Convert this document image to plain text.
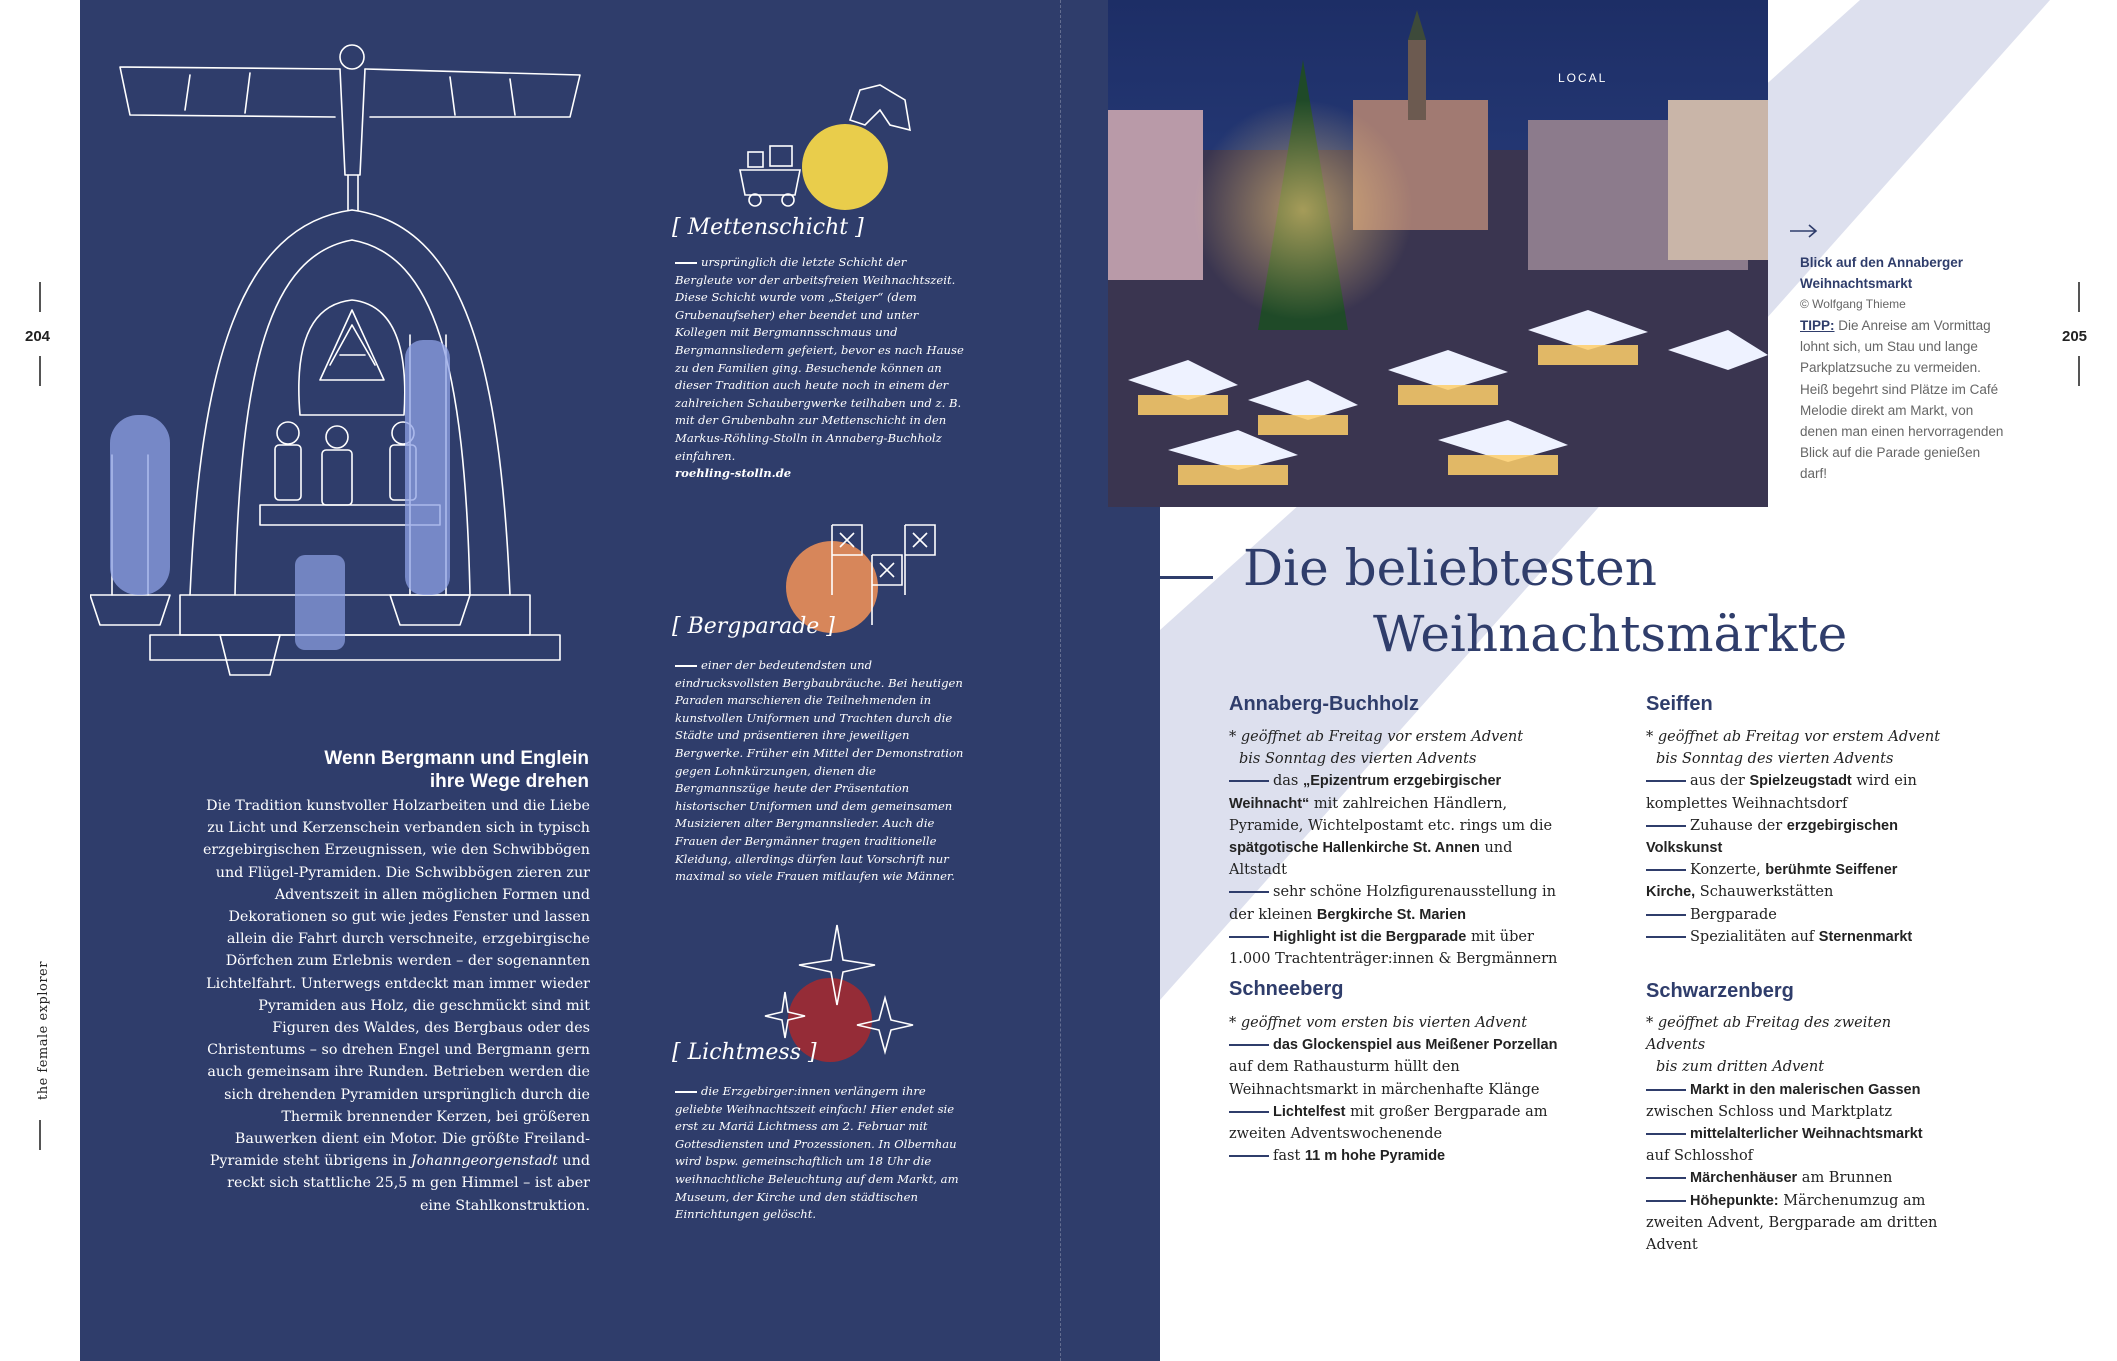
204
the female explorer
205
Wenn Bergmann und Englein
ihre Wege drehen
Die Tradition kunstvoller Holzarbeiten und die Liebe zu Licht und Kerzenschein verbanden sich in typisch erzgebirgischen Erzeugnissen, wie den Schwibbögen und Flügel-Pyramiden. Die Schwibbögen zieren zur Adventszeit in allen möglichen Formen und Dekorationen so gut wie jedes Fenster und lassen allein die Fahrt durch verschneite, erzgebirgische Dörfchen zum Erlebnis werden – der sogenannten Lichtelfahrt. Unterwegs entdeckt man immer wieder Pyramiden aus Holz, die geschmückt sind mit Figuren des Waldes, des Bergbaus oder des Christentums – so drehen Engel und Bergmann gern auch gemeinsam ihre Runden. Betrieben werden die sich drehenden Pyramiden ursprünglich durch die Thermik brennender Kerzen, bei größeren Bauwerken dient ein Motor. Die größte Freiland-Pyramide steht übrigens in Johanngeorgenstadt und reckt sich stattliche 25,5 m gen Himmel – ist aber eine Stahlkonstruktion.
[ Mettenschicht ]
ursprünglich die letzte Schicht der Bergleute vor der arbeitsfreien Weihnachtszeit. Diese Schicht wurde vom „Steiger“ (dem Grubenaufseher) eher beendet und unter Kollegen mit Bergmannsschmaus und Bergmannsliedern gefeiert, bevor es nach Hause zu den Familien ging. Besuchende können an dieser Tradition auch heute noch in einem der zahlreichen Schaubergwerke teilhaben und z. B. mit der Grubenbahn zur Mettenschicht in den Markus-Röhling-Stolln in Annaberg-Buchholz einfahren.
roehling-stolln.de
[ Bergparade ]
einer der bedeutendsten und eindrucksvollsten Bergbaubräuche. Bei heutigen Paraden marschieren die Teilnehmenden in kunstvollen Uniformen und Trachten durch die Städte und präsentieren ihre jeweiligen Bergwerke. Früher ein Mittel der Demonstration gegen Lohnkürzungen, dienen die Bergmannszüge heute der Präsentation historischer Uniformen und dem gemeinsamen Musizieren alter Bergmannslieder. Auch die Frauen der Bergmänner tragen traditionelle Kleidung, allerdings dürfen laut Vorschrift nur maximal so viele Frauen mitlaufen wie Männer.
[ Lichtmess ]
die Erzgebirger:innen verlängern ihre geliebte Weihnachtszeit einfach! Hier endet sie erst zu Mariä Lichtmess am 2. Februar mit Gottesdiensten und Prozessionen. In Olbernhau wird bspw. gemeinschaftlich um 18 Uhr die weihnachtliche Beleuchtung auf dem Markt, am Museum, der Kirche und den städtischen Einrichtungen gelöscht.
LOCAL
Blick auf den Annaberger Weihnachtsmarkt
© Wolfgang Thieme
TIPP: Die Anreise am Vormittag lohnt sich, um Stau und lange Parkplatzsuche zu vermeiden. Heiß begehrt sind Plätze im Café Melodie direkt am Markt, von denen man einen hervorragenden Blick auf die Parade genießen darf!
Die beliebtesten
Weihnachtsmärkte
Annaberg-Buchholz
* geöffnet ab Freitag vor erstem Advent
bis Sonntag des vierten Advents
das „Epizentrum erzgebirgischer Weihnacht“ mit zahlreichen Händlern, Pyramide, Wichtelpostamt etc. rings um die spätgotische Hallenkirche St. Annen und Altstadt
sehr schöne Holzfigurenausstellung in der kleinen Bergkirche St. Marien
Highlight ist die Bergparade mit über 1.000 Trachtenträger:innen & Bergmännern
Seiffen
* geöffnet ab Freitag vor erstem Advent
bis Sonntag des vierten Advents
aus der Spielzeugstadt wird ein komplettes Weihnachtsdorf
Zuhause der erzgebirgischen Volkskunst
Konzerte, berühmte Seiffener Kirche, Schauwerkstätten
Bergparade
Spezialitäten auf Sternenmarkt
Schneeberg
* geöffnet vom ersten bis vierten Advent
das Glockenspiel aus Meißener Porzellan auf dem Rathausturm hüllt den Weihnachtsmarkt in märchenhafte Klänge
Lichtelfest mit großer Bergparade am zweiten Adventswochenende
fast 11 m hohe Pyramide
Schwarzenberg
* geöffnet ab Freitag des zweiten Advents
bis zum dritten Advent
Markt in den malerischen Gassen zwischen Schloss und Marktplatz
mittelalterlicher Weihnachtsmarkt auf Schlosshof
Märchenhäuser am Brunnen
Höhepunkte: Märchenumzug am zweiten Advent, Bergparade am dritten Advent
